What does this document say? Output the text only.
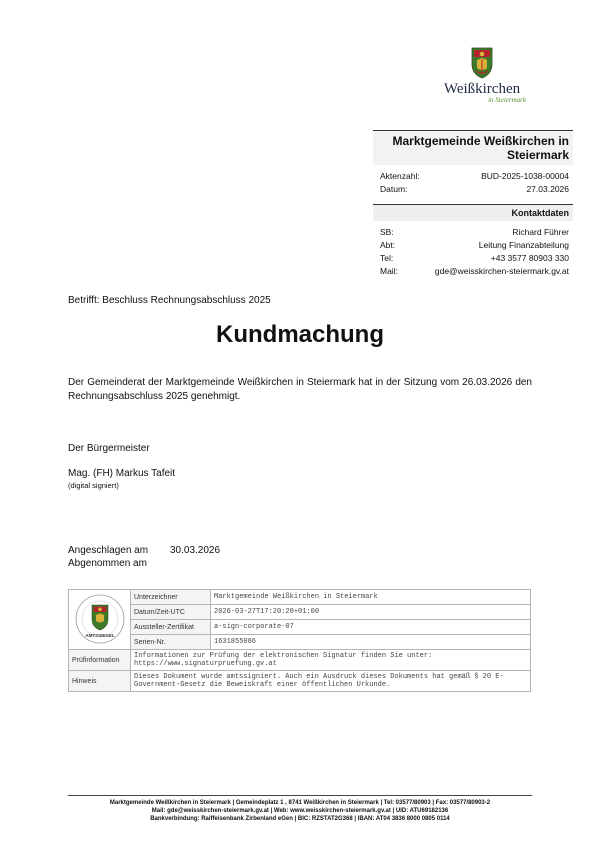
Weißkirchen
in Steiermark
Marktgemeinde Weißkirchen in Steiermark
Aktenzahl:	BUD-2025-1038-00004
Datum:	27.03.2026
Kontaktdaten
SB:	Richard Führer
Abt:	Leitung Finanzabteilung
Tel:	+43 3577 80903 330
Mail:	gde@weisskirchen-steiermark.gv.at
Betrifft: Beschluss Rechnungsabschluss 2025
Kundmachung
Der Gemeinderat der Marktgemeinde Weißkirchen in Steiermark hat in der Sitzung vom 26.03.2026 den Rechnungsabschluss 2025 genehmigt.
Der Bürgermeister
Mag. (FH) Markus Tafeit
(digital signiert)
Angeschlagen am 30.03.2026
Abgenommen am
AMTSSIEGEL	Unterzeichner	Marktgemeinde Weißkirchen in Steiermark
	Datum/Zeit-UTC	2026-03-27T17:20:20+01:00
	Aussteller-Zertifikat	a-sign-corporate-07
	Serien-Nr.	1631855086
Prüfinformation	Informationen zur Prüfung der elektronischen Signatur finden Sie unter: https://www.signaturpruefung.gv.at	
Hinweis	Dieses Dokument wurde amtssigniert. Auch ein Ausdruck dieses Dokuments hat gemäß § 20 E-Government-Gesetz die Beweiskraft einer öffentlichen Urkunde.	
Marktgemeinde Weißkirchen in Steiermark | Gemeindeplatz 1 , 8741 Weißkirchen in Steiermark | Tel: 03577/80903 | Fax: 03577/80903-2
Mail: gde@weisskirchen-steiermark.gv.at | Web: www.weisskirchen-steiermark.gv.at | UID: ATU69182136
Bankverbindung: Raiffeisenbank Zirbenland eGen | BIC: RZSTAT2G368 | IBAN: AT04 3836 8000 0805 0114
